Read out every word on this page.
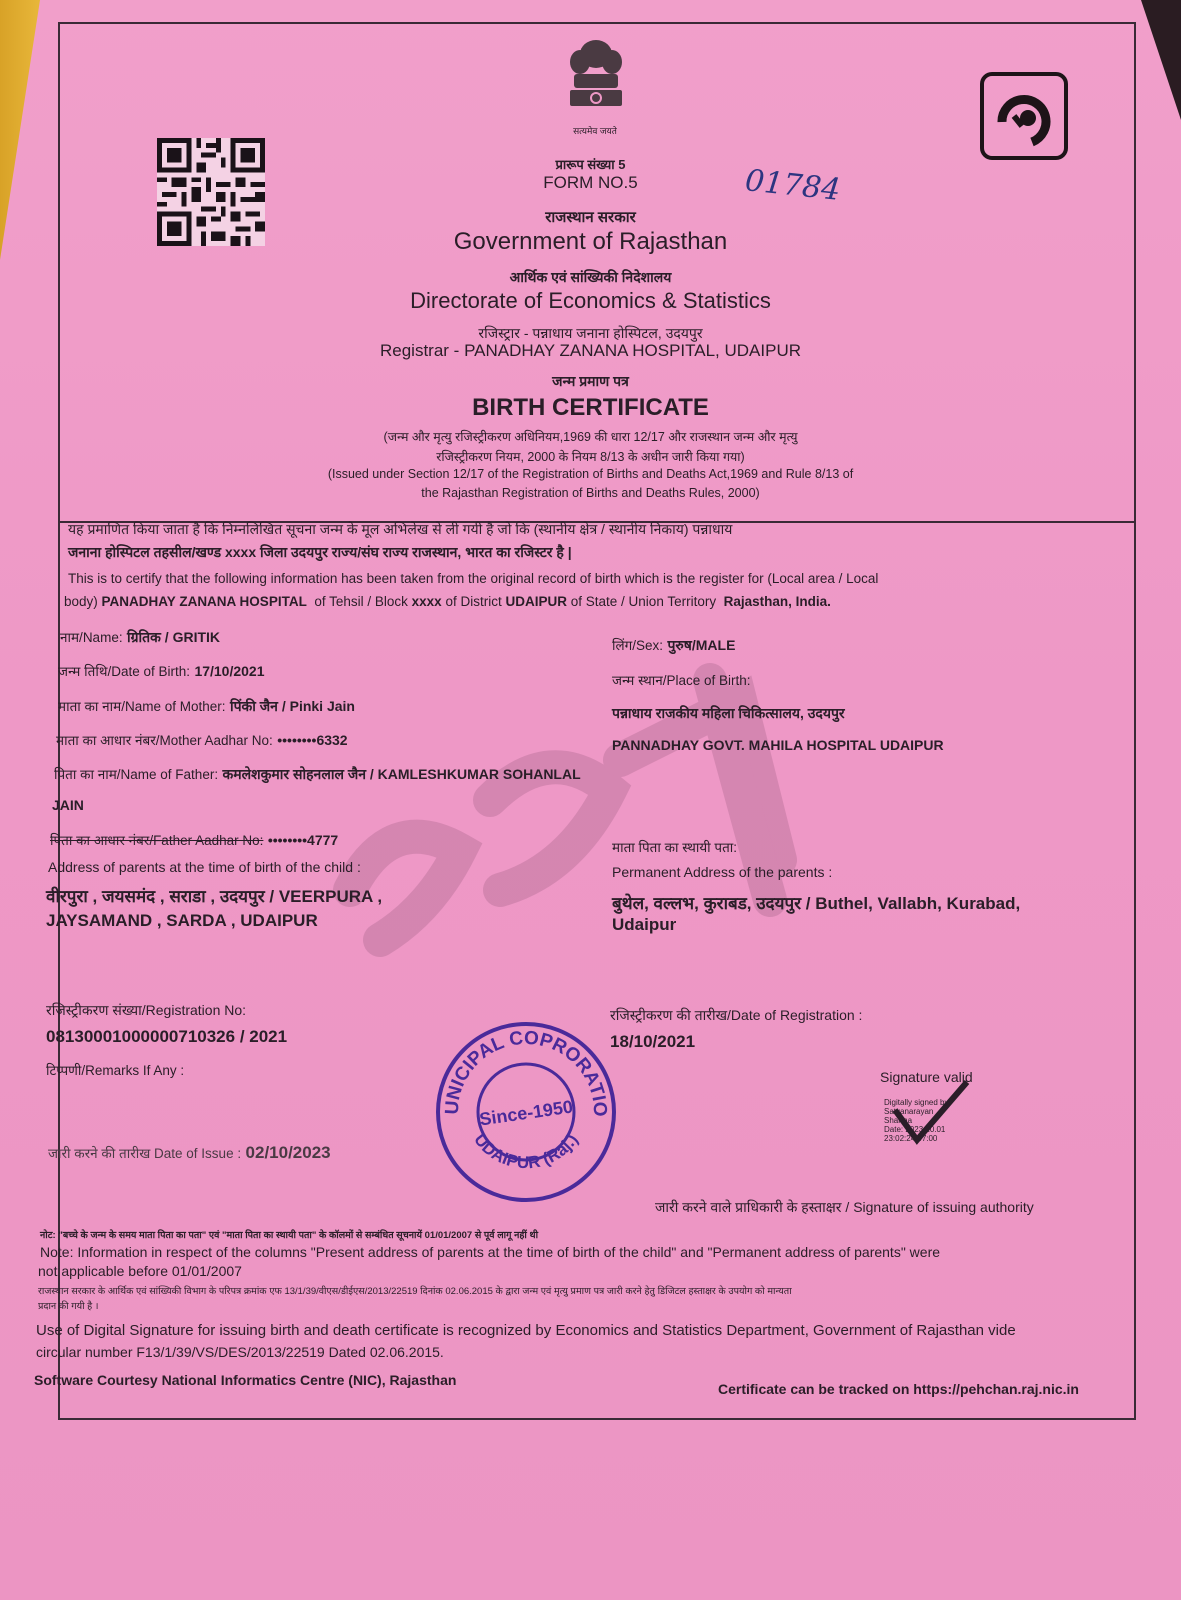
सत्यमेव जयते
प्रारूप संख्या 5
FORM NO.5	01784
राजस्थान सरकार
Government of Rajasthan
आर्थिक एवं सांख्यिकी निदेशालय
Directorate of Economics & Statistics
रजिस्ट्रार - पन्नाधाय जनाना होस्पिटल, उदयपुर
Registrar - PANADHAY ZANANA HOSPITAL, UDAIPUR
जन्म प्रमाण पत्र
BIRTH CERTIFICATE
(जन्म और मृत्यु रजिस्ट्रीकरण अधिनियम,1969 की धारा 12/17 और राजस्थान जन्म और मृत्यु
रजिस्ट्रीकरण नियम, 2000 के नियम 8/13 के अधीन जारी किया गया)
(Issued under Section 12/17 of the Registration of Births and Deaths Act,1969 and Rule 8/13 of
the Rajasthan Registration of Births and Deaths Rules, 2000)
यह प्रमाणित किया जाता है कि निम्नलिखित सूचना जन्म के मूल अभिलेख से ली गयी है जो कि (स्थानीय क्षेत्र / स्थानीय निकाय) पन्नाधाय
जनाना होस्पिटल तहसील/खण्ड xxxx जिला उदयपुर राज्य/संघ राज्य राजस्थान, भारत का रजिस्टर है |
This is to certify that the following information has been taken from the original record of birth which is the register for (Local area / Local
body) PANADHAY ZANANA HOSPITAL of Tehsil / Block xxxx of District UDAIPUR of State / Union Territory Rajasthan, India.
नाम/Name: ग्रितिक / GRITIK
जन्म तिथि/Date of Birth: 17/10/2021
माता का नाम/Name of Mother: पिंकी जैन / Pinki Jain
माता का आधार नंबर/Mother Aadhar No: ••••••••6332
पिता का नाम/Name of Father: कमलेशकुमार सोहनलाल जैन / KAMLESHKUMAR SOHANLAL
JAIN
पिता का आधार नंबर/Father Aadhar No: ••••••••4777
Address of parents at the time of birth of the child :
वीरपुरा , जयसमंद , सराडा , उदयपुर / VEERPURA ,
JAYSAMAND , SARDA , UDAIPUR
लिंग/Sex: पुरुष/MALE
जन्म स्थान/Place of Birth:
पन्नाधाय राजकीय महिला चिकित्सालय, उदयपुर
PANNADHAY GOVT. MAHILA HOSPITAL UDAIPUR
माता पिता का स्थायी पता:
Permanent Address of the parents :
बुथेल, वल्लभ, कुराबड, उदयपुर / Buthel, Vallabh, Kurabad,
Udaipur
रजिस्ट्रीकरण संख्या/Registration No:
08130001000000710326 / 2021
टिप्पणी/Remarks If Any :
रजिस्ट्रीकरण की तारीख/Date of Registration :
18/10/2021
जारी करने की तारीख Date of Issue : 02/10/2023
UNICIPAL COPRORATIO
UDAIPUR (Raj.)
Since-1950
Signature valid
Digitally signed by
Satyanarayan
Sharma
Date: 2023.10.01
23:02:24 07:00
जारी करने वाले प्राधिकारी के हस्ताक्षर / Signature of issuing authority
नोट: "बच्चे के जन्म के समय माता पिता का पता" एवं "माता पिता का स्थायी पता" के कॉलमों से सम्बंधित सूचनायें 01/01/2007 से पूर्व लागू नहीं थी
Note: Information in respect of the columns "Present address of parents at the time of birth of the child" and "Permanent address of parents" were
not applicable before 01/01/2007
राजस्थान सरकार के आर्थिक एवं सांख्यिकी विभाग के परिपत्र क्रमांक एफ 13/1/39/वीएस/डीईएस/2013/22519 दिनांक 02.06.2015 के द्वारा जन्म एवं मृत्यु प्रमाण पत्र जारी करने हेतु डिजिटल हस्ताक्षर के उपयोग को मान्यता
प्रदान की गयी है ।
Use of Digital Signature for issuing birth and death certificate is recognized by Economics and Statistics Department, Government of Rajasthan vide
circular number F13/1/39/VS/DES/2013/22519 Dated 02.06.2015.
Software Courtesy National Informatics Centre (NIC), Rajasthan
Certificate can be tracked on https://pehchan.raj.nic.in
